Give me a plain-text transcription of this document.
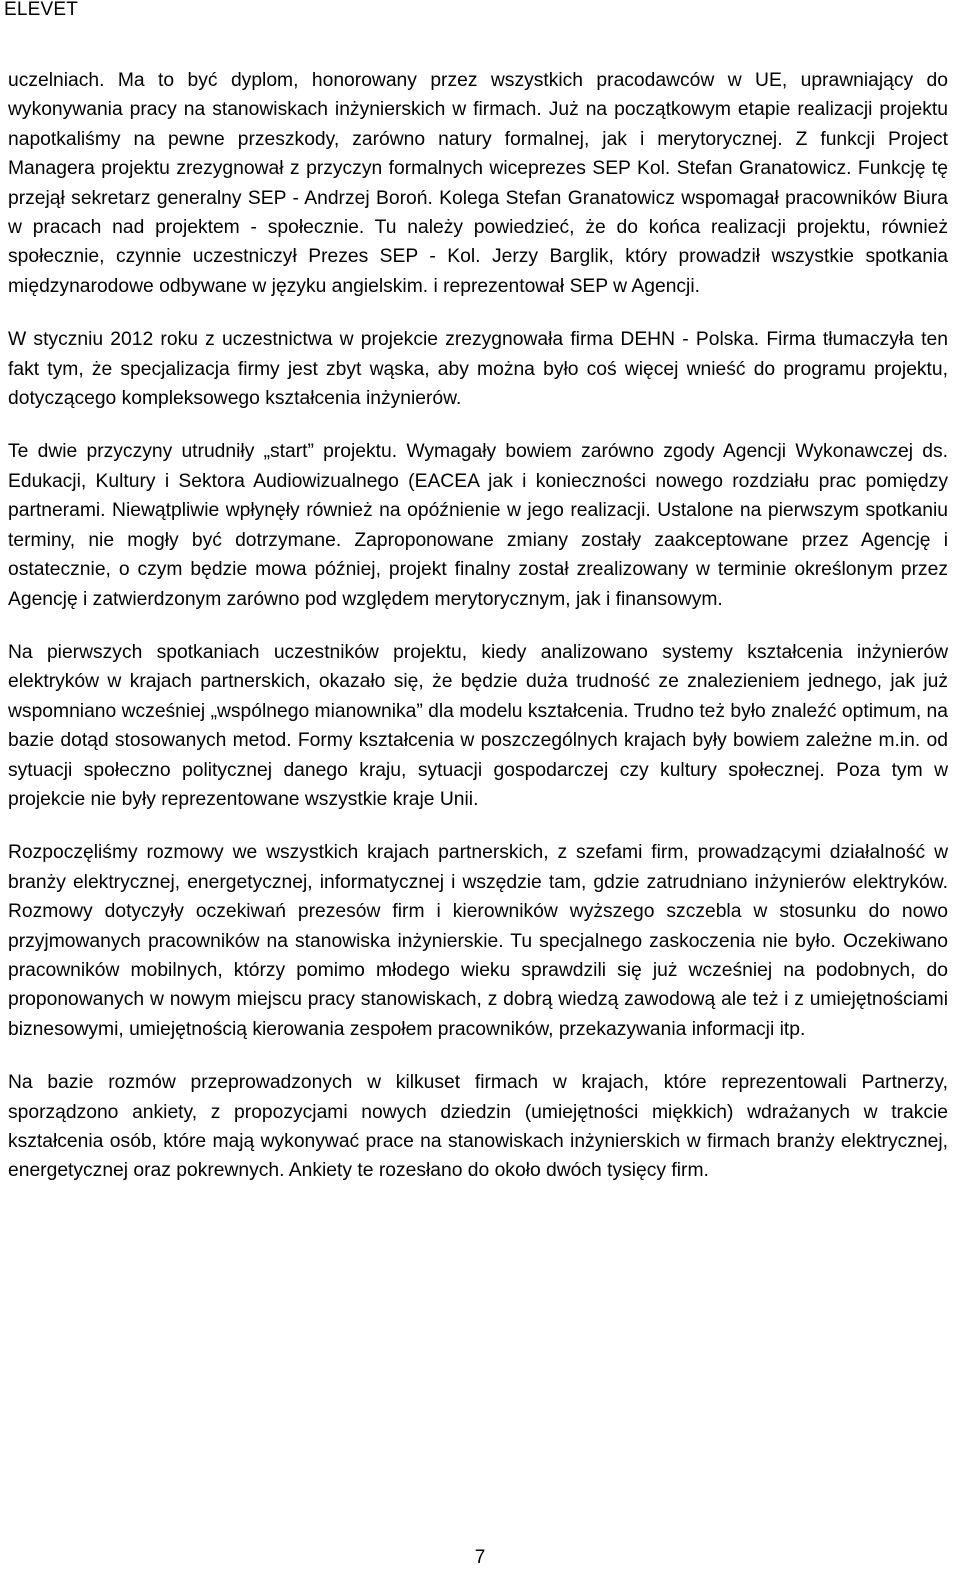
ELEVET

uczelniach. Ma to być dyplom, honorowany przez wszystkich pracodawców w UE, uprawniający do wykonywania pracy na stanowiskach inżynierskich w firmach. Już na początkowym etapie realizacji projektu napotkaliśmy na pewne przeszkody, zarówno natury formalnej, jak i merytorycznej. Z funkcji Project Managera projektu zrezygnował z przyczyn formalnych wiceprezes SEP Kol. Stefan Granatowicz. Funkcję tę przejął sekretarz generalny SEP - Andrzej Boroń. Kolega Stefan Granatowicz wspomagał pracowników Biura w pracach nad projektem - społecznie. Tu należy powiedzieć, że do końca realizacji projektu, również społecznie, czynnie uczestniczył Prezes SEP - Kol. Jerzy Barglik, który prowadził wszystkie spotkania międzynarodowe odbywane w języku angielskim. i reprezentował SEP w Agencji.

W styczniu 2012 roku z uczestnictwa w projekcie zrezygnowała firma DEHN - Polska. Firma tłumaczyła ten fakt tym, że specjalizacja firmy jest zbyt wąska, aby można było coś więcej wnieść do programu projektu, dotyczącego kompleksowego kształcenia inżynierów.

Te dwie przyczyny utrudniły „start” projektu. Wymagały bowiem zarówno zgody Agencji Wykonawczej ds. Edukacji, Kultury i Sektora Audiowizualnego (EACEA jak i konieczności nowego rozdziału prac pomiędzy partnerami. Niewątpliwie wpłynęły również na opóźnienie w jego realizacji. Ustalone na pierwszym spotkaniu terminy, nie mogły być dotrzymane. Zaproponowane zmiany zostały zaakceptowane przez Agencję i ostatecznie, o czym będzie mowa później, projekt finalny został zrealizowany w terminie określonym przez Agencję i zatwierdzonym zarówno pod względem merytorycznym, jak i finansowym.

Na pierwszych spotkaniach uczestników projektu, kiedy analizowano systemy kształcenia inżynierów elektryków w krajach partnerskich, okazało się, że będzie duża trudność ze znalezieniem jednego, jak już wspomniano wcześniej „wspólnego mianownika” dla modelu kształcenia. Trudno też było znaleźć optimum, na bazie dotąd stosowanych metod. Formy kształcenia w poszczególnych krajach były bowiem zależne m.in. od sytuacji społeczno politycznej danego kraju, sytuacji gospodarczej czy kultury społecznej. Poza tym w projekcie nie były reprezentowane wszystkie kraje Unii.

Rozpoczęliśmy rozmowy we wszystkich krajach partnerskich, z szefami firm, prowadzącymi działalność w branży elektrycznej, energetycznej, informatycznej i wszędzie tam, gdzie zatrudniano inżynierów elektryków. Rozmowy dotyczyły oczekiwań prezesów firm i kierowników wyższego szczebla w stosunku do nowo przyjmowanych pracowników na stanowiska inżynierskie. Tu specjalnego zaskoczenia nie było. Oczekiwano pracowników mobilnych, którzy pomimo młodego wieku sprawdzili się już wcześniej na podobnych, do proponowanych w nowym miejscu pracy stanowiskach, z dobrą wiedzą zawodową ale też i z umiejętnościami biznesowymi, umiejętnością kierowania zespołem pracowników, przekazywania informacji itp.

Na bazie rozmów przeprowadzonych w kilkuset firmach w krajach, które reprezentowali Partnerzy, sporządzono ankiety, z propozycjami nowych dziedzin (umiejętności miękkich) wdrażanych w trakcie kształcenia osób, które mają wykonywać prace na stanowiskach inżynierskich w firmach branży elektrycznej, energetycznej oraz pokrewnych. Ankiety te rozesłano do około dwóch tysięcy firm.

7
